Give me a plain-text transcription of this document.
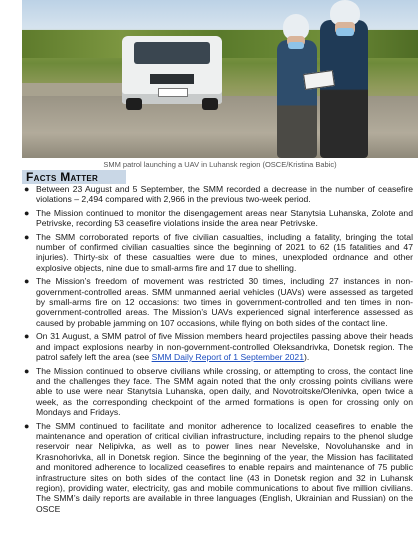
SMM patrol launching a UAV in Luhansk region (OSCE/Kristina Babic)

Facts Matter
● Between 23 August and 5 September, the SMM recorded a decrease in the number of ceasefire violations – 2,494 compared with 2,966 in the previous two-week period.
● The Mission continued to monitor the disengagement areas near Stanytsia Luhanska, Zolote and Petrivske, recording 53 ceasefire violations inside the area near Petrivske.
● The SMM corroborated reports of five civilian casualties, including a fatality, bringing the total number of confirmed civilian casualties since the beginning of 2021 to 62 (15 fatalities and 47 injuries). Thirty-six of these casualties were due to mines, unexploded ordnance and other explosive objects, nine due to small-arms fire and 17 due to shelling.
● The Mission’s freedom of movement was restricted 30 times, including 27 instances in non-government-controlled areas. SMM unmanned aerial vehicles (UAVs) were assessed as targeted by small-arms fire on 12 occasions: two times in government-controlled and ten times in non-government-controlled areas. The Mission’s UAVs experienced signal interference assessed as caused by probable jamming on 107 occasions, while flying on both sides of the contact line.
● On 31 August, a SMM patrol of five Mission members heard projectiles passing above their heads and impact explosions nearby in non-government-controlled Oleksandrivka, Donetsk region. The patrol safely left the area (see SMM Daily Report of 1 September 2021).
● The Mission continued to observe civilians while crossing, or attempting to cross, the contact line and the challenges they face. The SMM again noted that the only crossing points civilians were able to use were near Stanytsia Luhanska, open daily, and Novotroitske/Olenivka, open twice a week, as the corresponding checkpoint of the armed formations is open for crossing only on Mondays and Fridays.
● The SMM continued to facilitate and monitor adherence to localized ceasefires to enable the maintenance and operation of critical civilian infrastructure, including repairs to the phenol sludge reservoir near Nelipivka, as well as to power lines near Nevelske, Novoluhanske and in Krasnohorivka, all in Donetsk region. Since the beginning of the year, the Mission has facilitated and monitored adherence to localized ceasefires to enable repairs and maintenance of 75 public infrastructure sites on both sides of the contact line (43 in Donetsk region and 32 in Luhansk region), providing water, electricity, gas and mobile communications to about five million civilians. The SMM’s daily reports are available in three languages (English, Ukrainian and Russian) on the OSCE
